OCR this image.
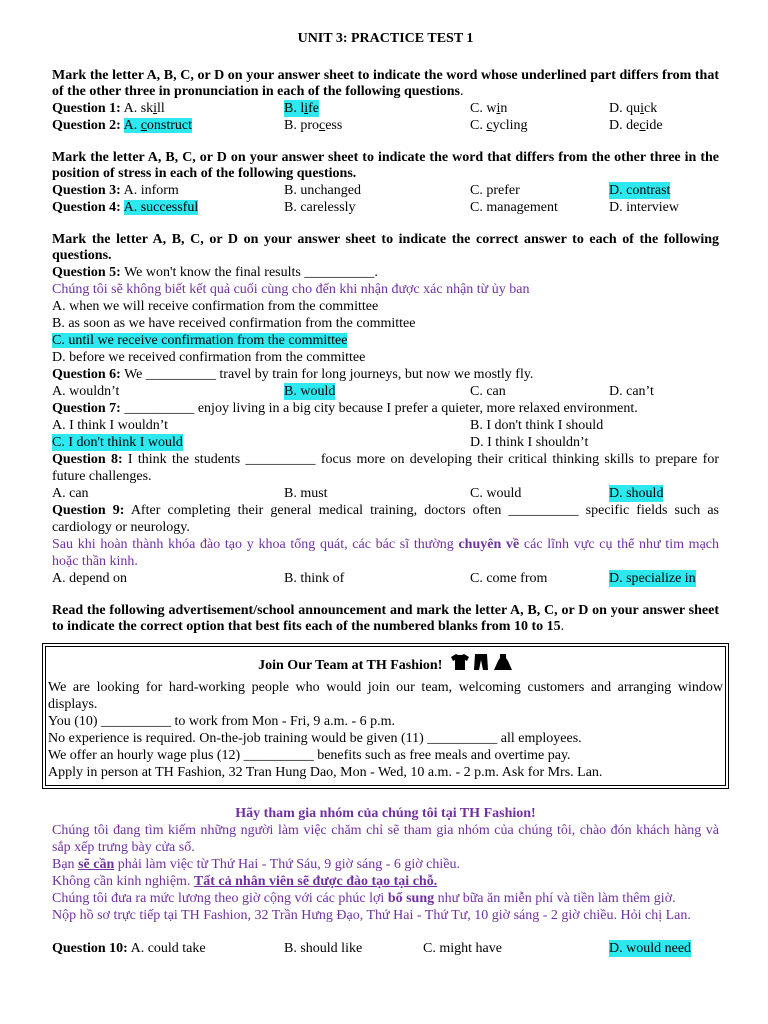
UNIT 3: PRACTICE TEST 1
Mark the letter A, B, C, or D on your answer sheet to indicate the word whose underlined part differs from that of the other three in pronunciation in each of the following questions.
Question 1: A. skill	B. life	C. win	D. quick
Question 2: A. construct	B. process	C. cycling	D. decide
Mark the letter A, B, C, or D on your answer sheet to indicate the word that differs from the other three in the position of stress in each of the following questions.
Question 3: A. inform	B. unchanged	C. prefer	D. contrast
Question 4: A. successful	B. carelessly	C. management	D. interview
Mark the letter A, B, C, or D on your answer sheet to indicate the correct answer to each of the following questions.
Question 5: We won't know the final results __________.
Chúng tôi sẽ không biết kết quả cuối cùng cho đến khi nhận được xác nhận từ ủy ban
A. when we will receive confirmation from the committee
B. as soon as we have received confirmation from the committee
C. until we receive confirmation from the committee
D. before we received confirmation from the committee
Question 6: We __________ travel by train for long journeys, but now we mostly fly.
A. wouldn’t	B. would	C. can	D. can’t
Question 7: __________ enjoy living in a big city because I prefer a quieter, more relaxed environment.
A. I think I wouldn’t	B. I don't think I should
C. I don't think I would	D. I think I shouldn’t
Question 8: I think the students __________ focus more on developing their critical thinking skills to prepare for future challenges.
A. can	B. must	C. would	D. should
Question 9: After completing their general medical training, doctors often __________ specific fields such as cardiology or neurology.
Sau khi hoàn thành khóa đào tạo y khoa tổng quát, các bác sĩ thường chuyên về các lĩnh vực cụ thể như tim mạch hoặc thần kinh.
A. depend on	B. think of	C. come from	D. specialize in
Read the following advertisement/school announcement and mark the letter A, B, C, or D on your answer sheet to indicate the correct option that best fits each of the numbered blanks from 10 to 15.
Join Our Team at TH Fashion!

We are looking for hard-working people who would join our team, welcoming customers and arranging window displays.

You (10) __________ to work from Mon - Fri, 9 a.m. - 6 p.m.

No experience is required. On-the-job training would be given (11) __________ all employees.

We offer an hourly wage plus (12) __________ benefits such as free meals and overtime pay.

Apply in person at TH Fashion, 32 Tran Hung Dao, Mon - Wed, 10 a.m. - 2 p.m. Ask for Mrs. Lan.

Hãy tham gia nhóm của chúng tôi tại TH Fashion!
Chúng tôi đang tìm kiếm những người làm việc chăm chỉ sẽ tham gia nhóm của chúng tôi, chào đón khách hàng và sắp xếp trưng bày cửa sổ.
Bạn sẽ cần phải làm việc từ Thứ Hai - Thứ Sáu, 9 giờ sáng - 6 giờ chiều.
Không cần kinh nghiệm. Tất cả nhân viên sẽ được đào tạo tại chỗ.
Chúng tôi đưa ra mức lương theo giờ cộng với các phúc lợi bổ sung như bữa ăn miễn phí và tiền làm thêm giờ.
Nộp hồ sơ trực tiếp tại TH Fashion, 32 Trần Hưng Đạo, Thứ Hai - Thứ Tư, 10 giờ sáng - 2 giờ chiều. Hỏi chị Lan.
Question 10: A. could take	B. should like	C. might have	D. would need
